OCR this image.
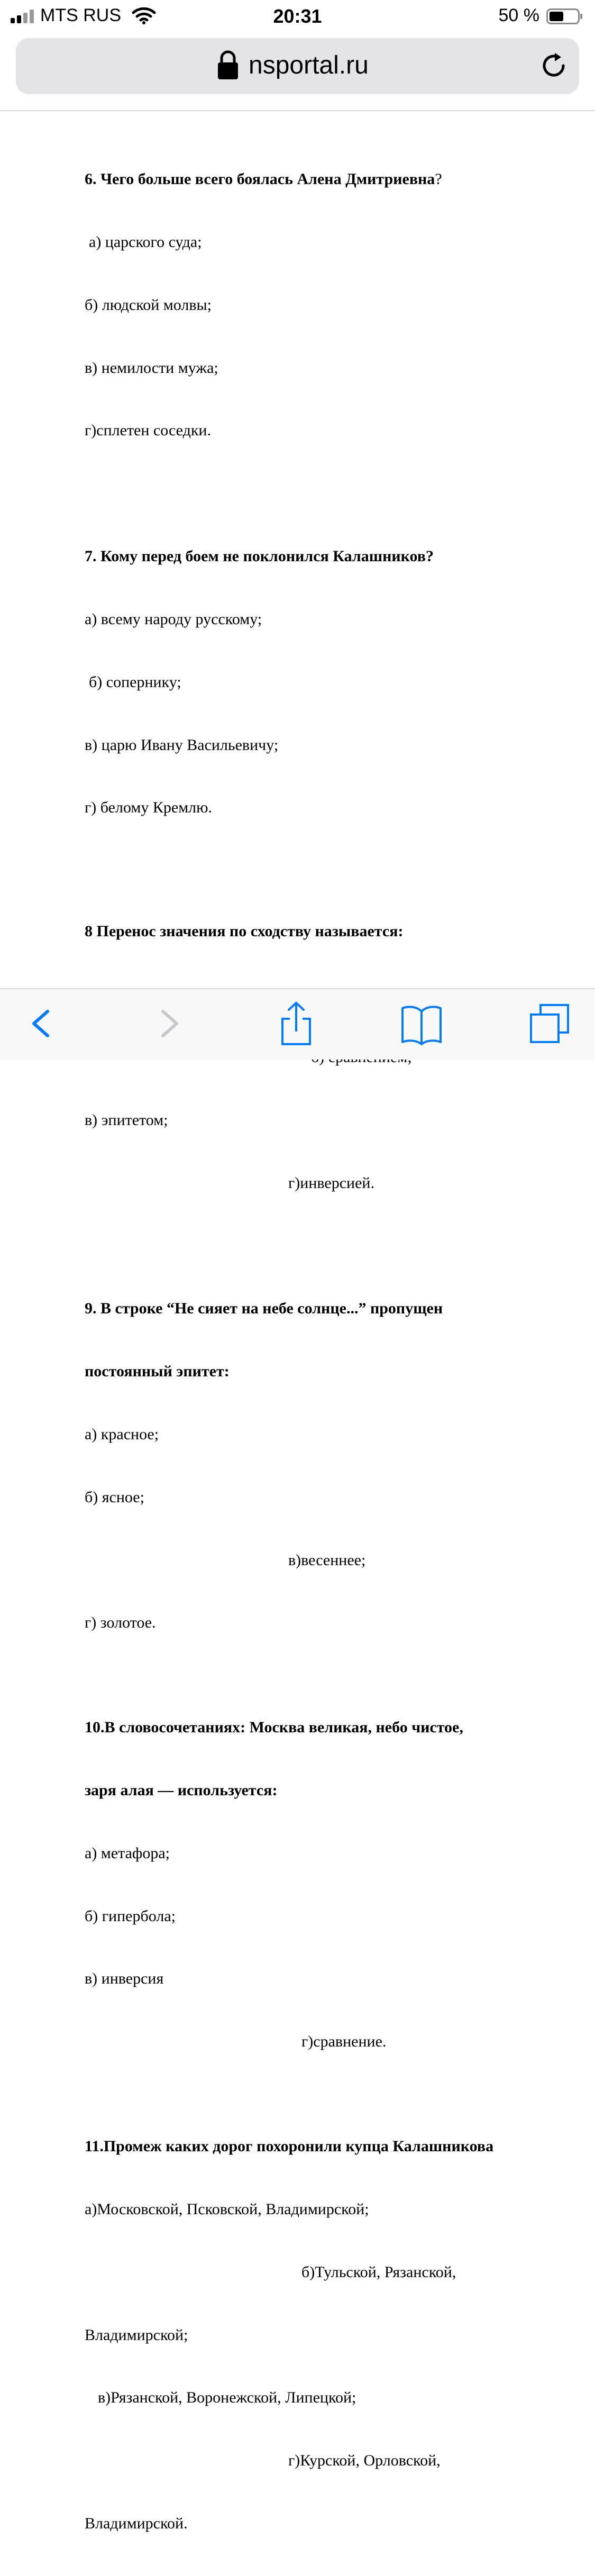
MTS RUS	20:31	50 %
nsportal.ru

6. Чего больше всего боялась Алена Дмитриевна?

а) царского суда;

б) людской молвы;

в) немилости мужа;

г)сплетен соседки.

7. Кому перед боем не поклонился Калашников?

а) всему народу русскому;

б) сопернику;

в) царю Ивану Васильевичу;

г) белому Кремлю.

8 Перенос значения по сходству называется:

в) эпитетом;

г)инверсией.

9. В строке “Не сияет на небе солнце...” пропущен

постоянный эпитет:

а) красное;

б) ясное;

в)весеннее;

г) золотое.

10.В словосочетаниях: Москва великая, небо чистое,

заря алая — используется:

а) метафора;

б) гипербола;

в) инверсия

г)сравнение.

11.Промеж каких дорог похоронили купца Калашникова

а)Московской, Псковской, Владимирской;

б)Тульской, Рязанской,

Владимирской;

в)Рязанской, Воронежской, Липецкой;

г)Курской, Орловской,

Владимирской.
